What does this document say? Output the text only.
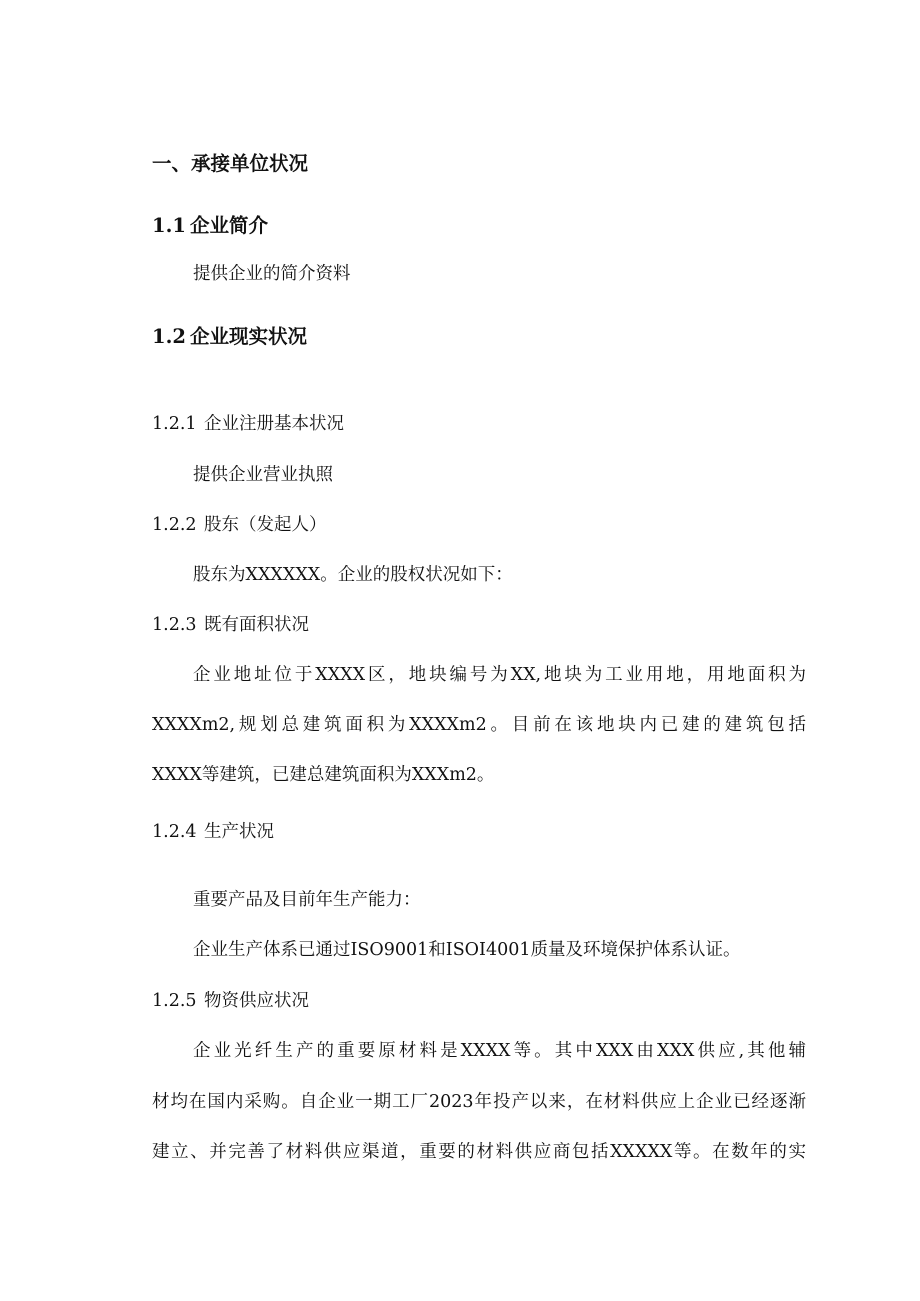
一、承接单位状况
1.1 企业简介
提供企业的简介资料
1.2 企业现实状况
1.2.1 企业注册基本状况
提供企业营业执照
1.2.2 股东（发起人）
股东为XXXXXX。企业的股权状况如下：
1.2.3 既有面积状况
企业地址位于XXXX区，地块编号为XX,地块为工业用地，用地面积为
XXXXm2,规划总建筑面积为XXXXm2。目前在该地块内已建的建筑包括
XXXX等建筑，已建总建筑面积为XXXm2。
1.2.4 生产状况
重要产品及目前年生产能力：
企业生产体系已通过ISO9001和ISOI4001质量及环境保护体系认证。
1.2.5 物资供应状况
企业光纤生产的重要原材料是XXXX等。其中XXX由XXX供应,其他辅
材均在国内采购。自企业一期工厂2023年投产以来，在材料供应上企业已经逐渐
建立、并完善了材料供应渠道，重要的材料供应商包括XXXXX等。在数年的实
